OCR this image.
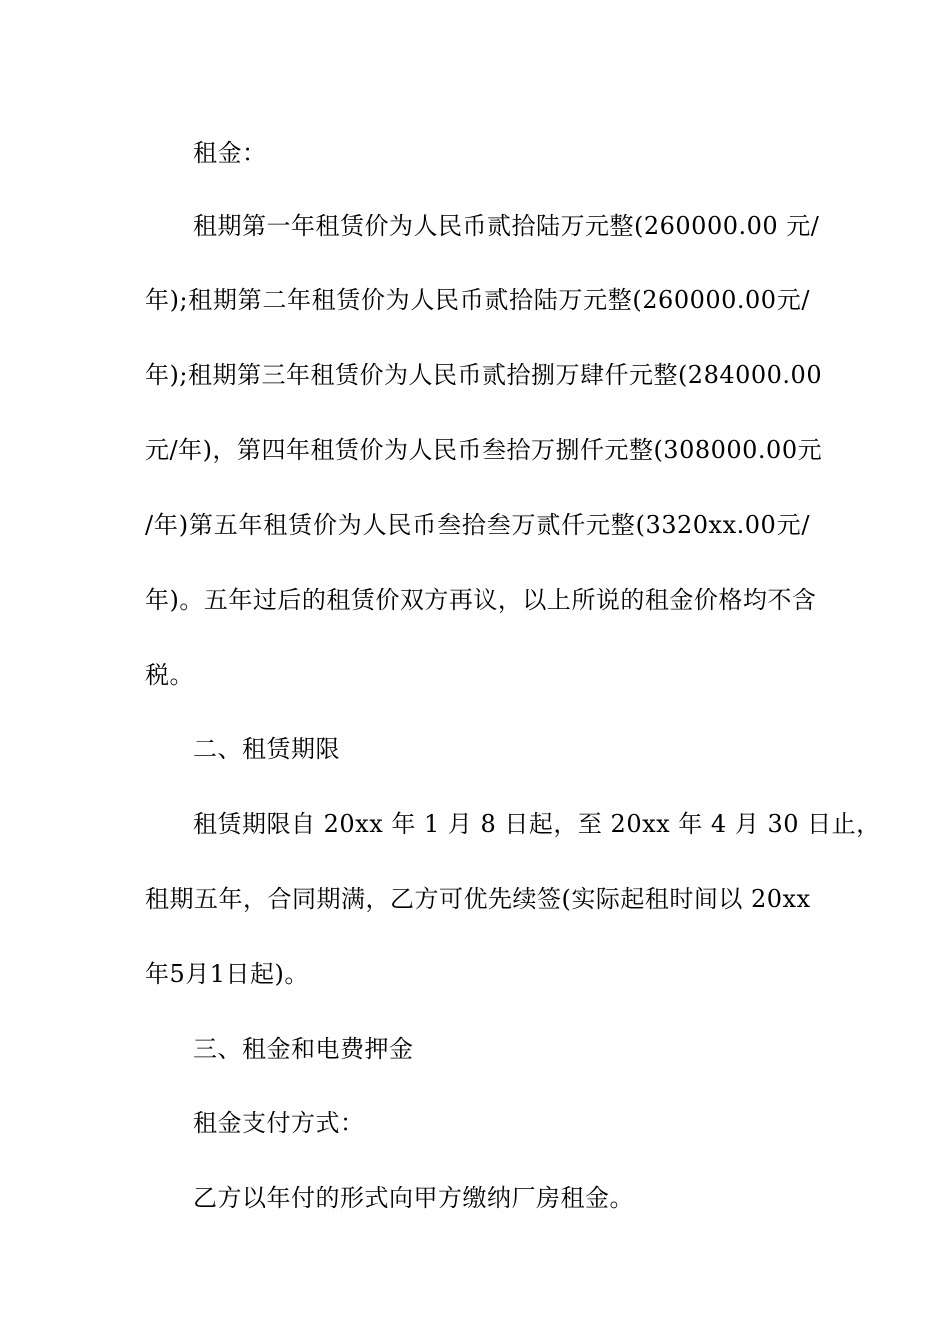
租金：
租期第一年租赁价为人民币贰拾陆万元整(260000.00 元/
年);租期第二年租赁价为人民币贰拾陆万元整(260000.00元/
年);租期第三年租赁价为人民币贰拾捌万肆仟元整(284000.00
元/年)，第四年租赁价为人民币叁拾万捌仟元整(308000.00元
/年)第五年租赁价为人民币叁拾叁万贰仟元整(3320xx.00元/
年)。五年过后的租赁价双方再议，以上所说的租金价格均不含
税。
二、租赁期限
租赁期限自 20xx 年 1 月 8 日起，至 20xx 年 4 月 30 日止，
租期五年，合同期满，乙方可优先续签(实际起租时间以 20xx
年5月1日起)。
三、租金和电费押金
租金支付方式：
乙方以年付的形式向甲方缴纳厂房租金。
